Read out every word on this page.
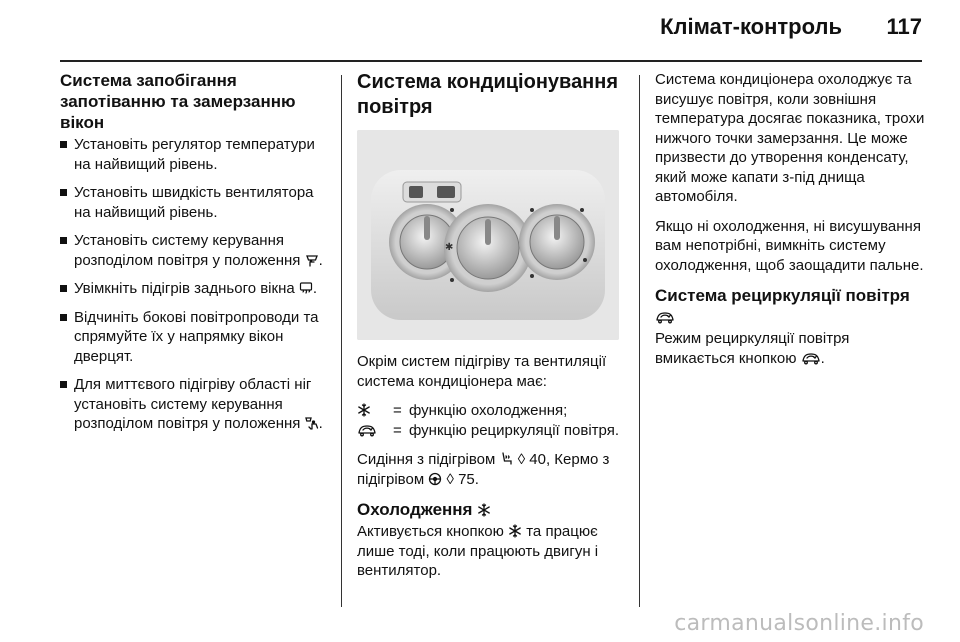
Клімат-контроль 117
Система запобігання запотіванню та замерзанню вікон
Установіть регулятор температури на найвищий рівень.
Установіть швидкість вентилятора на найвищий рівень.
Установіть систему керування розподілом повітря у положення .
Увімкніть підігрів заднього вікна .
Відчиніть бокові повітропроводи та спрямуйте їх у напрямку вікон дверцят.
Для миттєвого підігріву області ніг установіть систему керування розподілом повітря у положення .
Система кондиціонування повітря
✱

Окрім систем підігріву та вентиляції система кондиціонера має:

= функцію охолодження;
= функцію рециркуляції повітря.

Сидіння з підігрівом ◊ 40, Кермо з підігрівом ◊ 75.

Охолодження

Активується кнопкою та працює лише тоді, коли працюють двигун і вентилятор.

Система кондиціонера охолоджує та висушує повітря, коли зовнішня температура досягає показника, трохи нижчого точки замерзання. Це може призвести до утворення конденсату, який може капати з-під днища автомобіля.

Якщо ні охолодження, ні висушування вам непотрібні, вимкніть систему охолодження, щоб заощадити пальне.

Система рециркуляції повітря

Режим рециркуляції повітря вмикається кнопкою .

carmanualsonline.info
